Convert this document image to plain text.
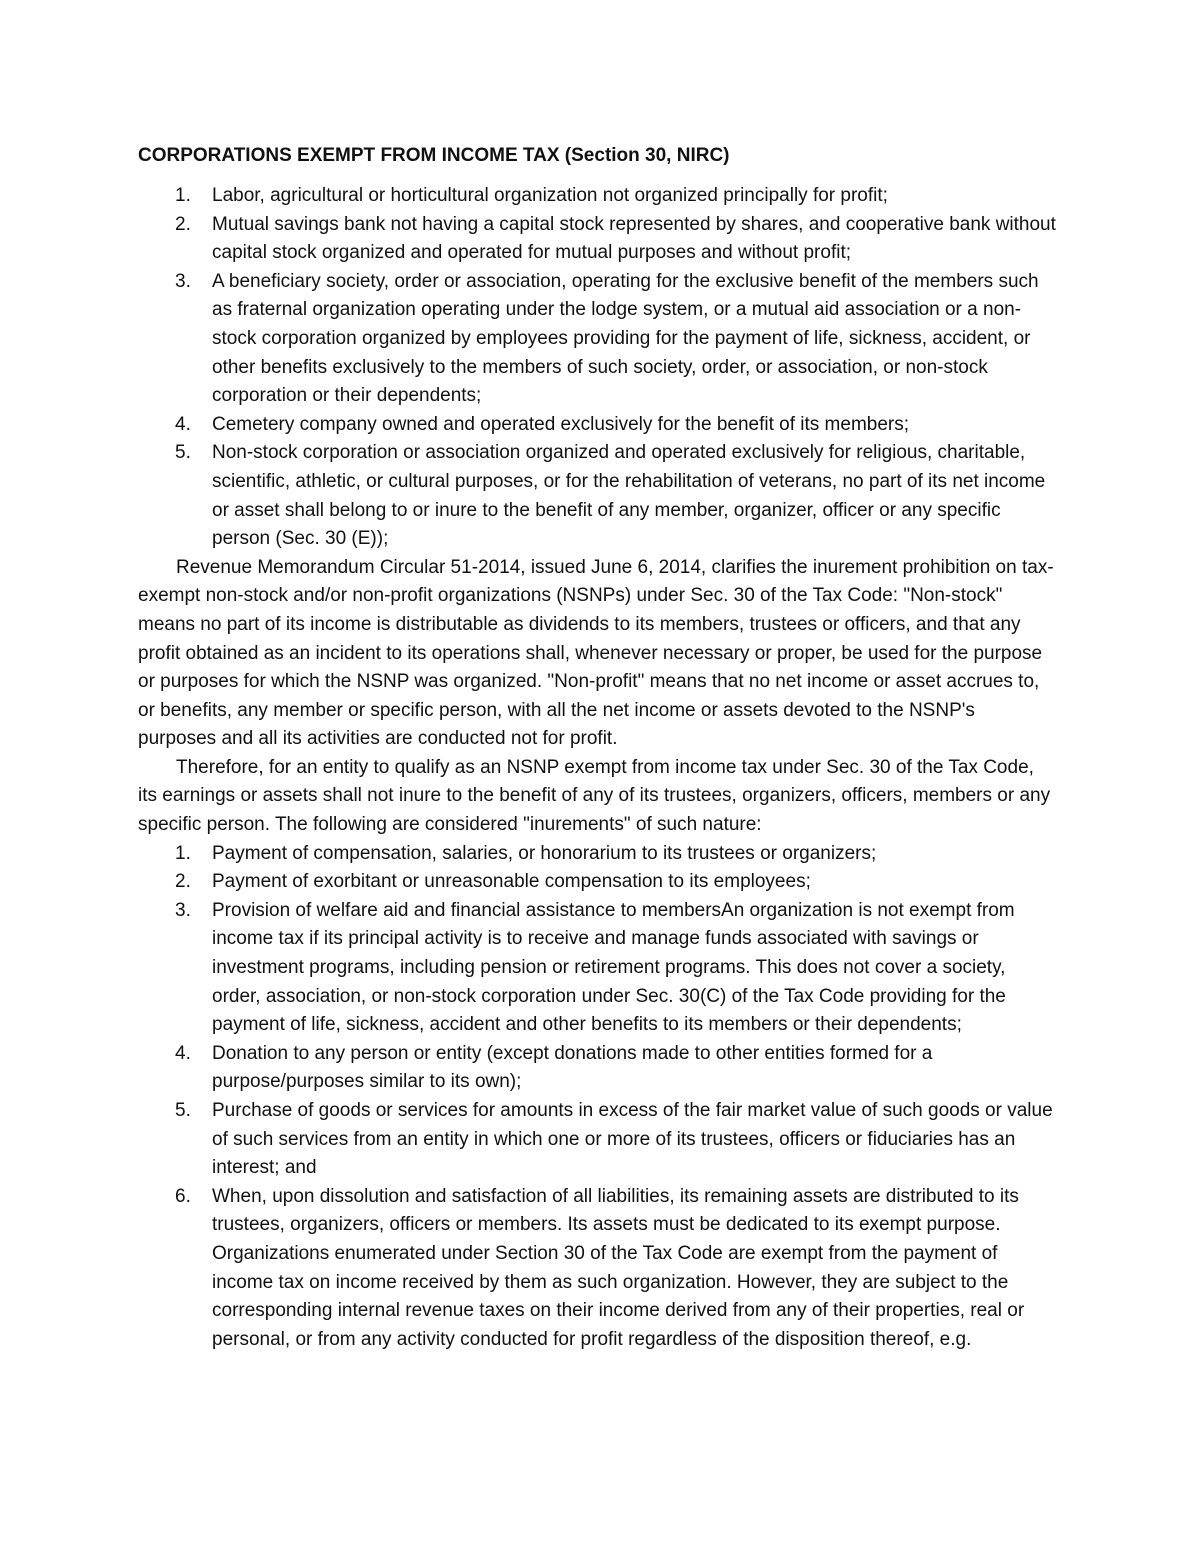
CORPORATIONS EXEMPT FROM INCOME TAX (Section 30, NIRC)
1. Labor, agricultural or horticultural organization not organized principally for profit;
2. Mutual savings bank not having a capital stock represented by shares, and cooperative bank without capital stock organized and operated for mutual purposes and without profit;
3. A beneficiary society, order or association, operating for the exclusive benefit of the members such as fraternal organization operating under the lodge system, or a mutual aid association or a non-stock corporation organized by employees providing for the payment of life, sickness, accident, or other benefits exclusively to the members of such society, order, or association, or non-stock corporation or their dependents;
4. Cemetery company owned and operated exclusively for the benefit of its members;
5. Non-stock corporation or association organized and operated exclusively for religious, charitable, scientific, athletic, or cultural purposes, or for the rehabilitation of veterans, no part of its net income or asset shall belong to or inure to the benefit of any member, organizer, officer or any specific person (Sec. 30 (E));

Revenue Memorandum Circular 51-2014, issued June 6, 2014, clarifies the inurement prohibition on tax-exempt non-stock and/or non-profit organizations (NSNPs) under Sec. 30 of the Tax Code: "Non-stock" means no part of its income is distributable as dividends to its members, trustees or officers, and that any profit obtained as an incident to its operations shall, whenever necessary or proper, be used for the purpose or purposes for which the NSNP was organized. "Non-profit" means that no net income or asset accrues to, or benefits, any member or specific person, with all the net income or assets devoted to the NSNP's purposes and all its activities are conducted not for profit.

Therefore, for an entity to qualify as an NSNP exempt from income tax under Sec. 30 of the Tax Code, its earnings or assets shall not inure to the benefit of any of its trustees, organizers, officers, members or any specific person. The following are considered "inurements" of such nature:

1. Payment of compensation, salaries, or honorarium to its trustees or organizers;
2. Payment of exorbitant or unreasonable compensation to its employees;
3. Provision of welfare aid and financial assistance to membersAn organization is not exempt from income tax if its principal activity is to receive and manage funds associated with savings or investment programs, including pension or retirement programs. This does not cover a society, order, association, or non-stock corporation under Sec. 30(C) of the Tax Code providing for the payment of life, sickness, accident and other benefits to its members or their dependents;
4. Donation to any person or entity (except donations made to other entities formed for a purpose/purposes similar to its own);
5. Purchase of goods or services for amounts in excess of the fair market value of such goods or value of such services from an entity in which one or more of its trustees, officers or fiduciaries has an interest; and
6. When, upon dissolution and satisfaction of all liabilities, its remaining assets are distributed to its trustees, organizers, officers or members. Its assets must be dedicated to its exempt purpose. Organizations enumerated under Section 30 of the Tax Code are exempt from the payment of income tax on income received by them as such organization. However, they are subject to the corresponding internal revenue taxes on their income derived from any of their properties, real or personal, or from any activity conducted for profit regardless of the disposition thereof, e.g.
